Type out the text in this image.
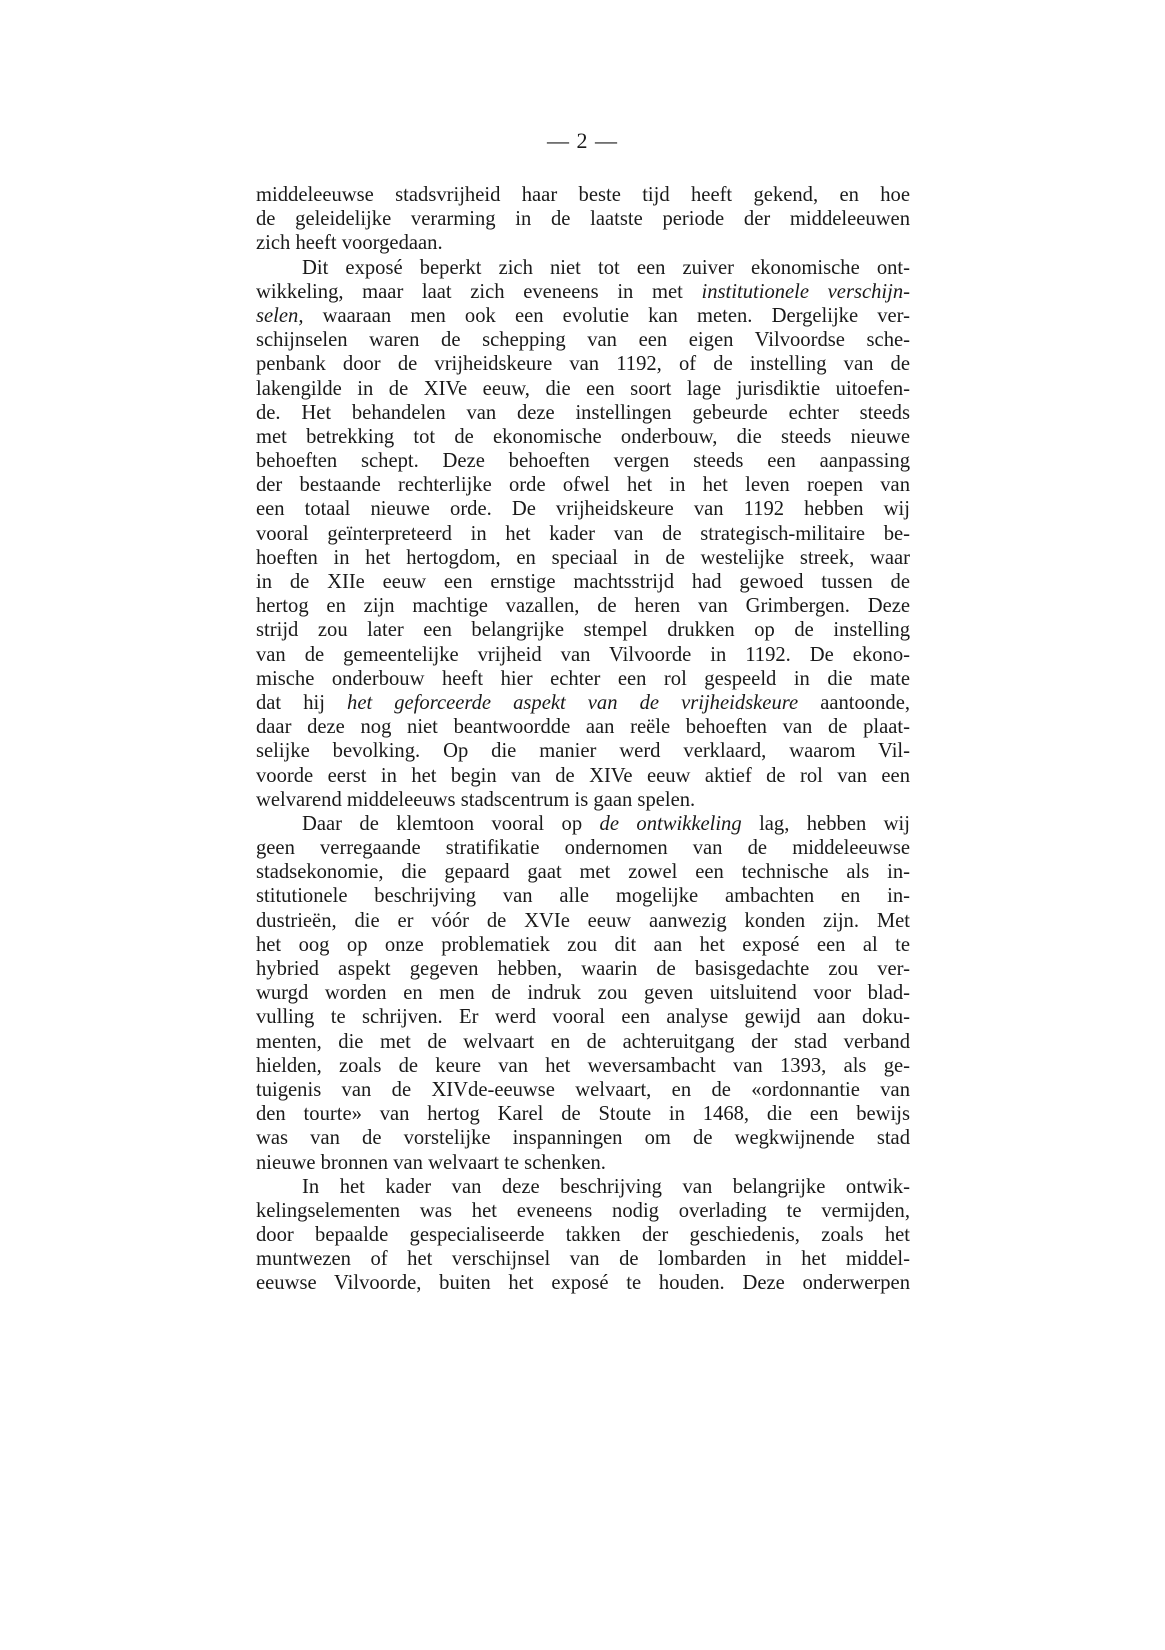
— 2 —
middeleeuwse stadsvrijheid haar beste tijd heeft gekend, en hoe
de geleidelijke verarming in de laatste periode der middeleeuwen
zich heeft voorgedaan.
Dit exposé beperkt zich niet tot een zuiver ekonomische ont-
wikkeling, maar laat zich eveneens in met institutionele verschijn-
selen, waaraan men ook een evolutie kan meten. Dergelijke ver-
schijnselen waren de schepping van een eigen Vilvoordse sche-
penbank door de vrijheidskeure van 1192, of de instelling van de
lakengilde in de XIVe eeuw, die een soort lage jurisdiktie uitoefen-
de. Het behandelen van deze instellingen gebeurde echter steeds
met betrekking tot de ekonomische onderbouw, die steeds nieuwe
behoeften schept. Deze behoeften vergen steeds een aanpassing
der bestaande rechterlijke orde ofwel het in het leven roepen van
een totaal nieuwe orde. De vrijheidskeure van 1192 hebben wij
vooral geïnterpreteerd in het kader van de strategisch-militaire be-
hoeften in het hertogdom, en speciaal in de westelijke streek, waar
in de XIIe eeuw een ernstige machtsstrijd had gewoed tussen de
hertog en zijn machtige vazallen, de heren van Grimbergen. Deze
strijd zou later een belangrijke stempel drukken op de instelling
van de gemeentelijke vrijheid van Vilvoorde in 1192. De ekono-
mische onderbouw heeft hier echter een rol gespeeld in die mate
dat hij het geforceerde aspekt van de vrijheidskeure aantoonde,
daar deze nog niet beantwoordde aan reële behoeften van de plaat-
selijke bevolking. Op die manier werd verklaard, waarom Vil-
voorde eerst in het begin van de XIVe eeuw aktief de rol van een
welvarend middeleeuws stadscentrum is gaan spelen.
Daar de klemtoon vooral op de ontwikkeling lag, hebben wij
geen verregaande stratifikatie ondernomen van de middeleeuwse
stadsekonomie, die gepaard gaat met zowel een technische als in-
stitutionele beschrijving van alle mogelijke ambachten en in-
dustrieën, die er vóór de XVIe eeuw aanwezig konden zijn. Met
het oog op onze problematiek zou dit aan het exposé een al te
hybried aspekt gegeven hebben, waarin de basisgedachte zou ver-
wurgd worden en men de indruk zou geven uitsluitend voor blad-
vulling te schrijven. Er werd vooral een analyse gewijd aan doku-
menten, die met de welvaart en de achteruitgang der stad verband
hielden, zoals de keure van het weversambacht van 1393, als ge-
tuigenis van de XIVde-eeuwse welvaart, en de «ordonnantie van
den tourte» van hertog Karel de Stoute in 1468, die een bewijs
was van de vorstelijke inspanningen om de wegkwijnende stad
nieuwe bronnen van welvaart te schenken.
In het kader van deze beschrijving van belangrijke ontwik-
kelingselementen was het eveneens nodig overlading te vermijden,
door bepaalde gespecialiseerde takken der geschiedenis, zoals het
muntwezen of het verschijnsel van de lombarden in het middel-
eeuwse Vilvoorde, buiten het exposé te houden. Deze onderwerpen
